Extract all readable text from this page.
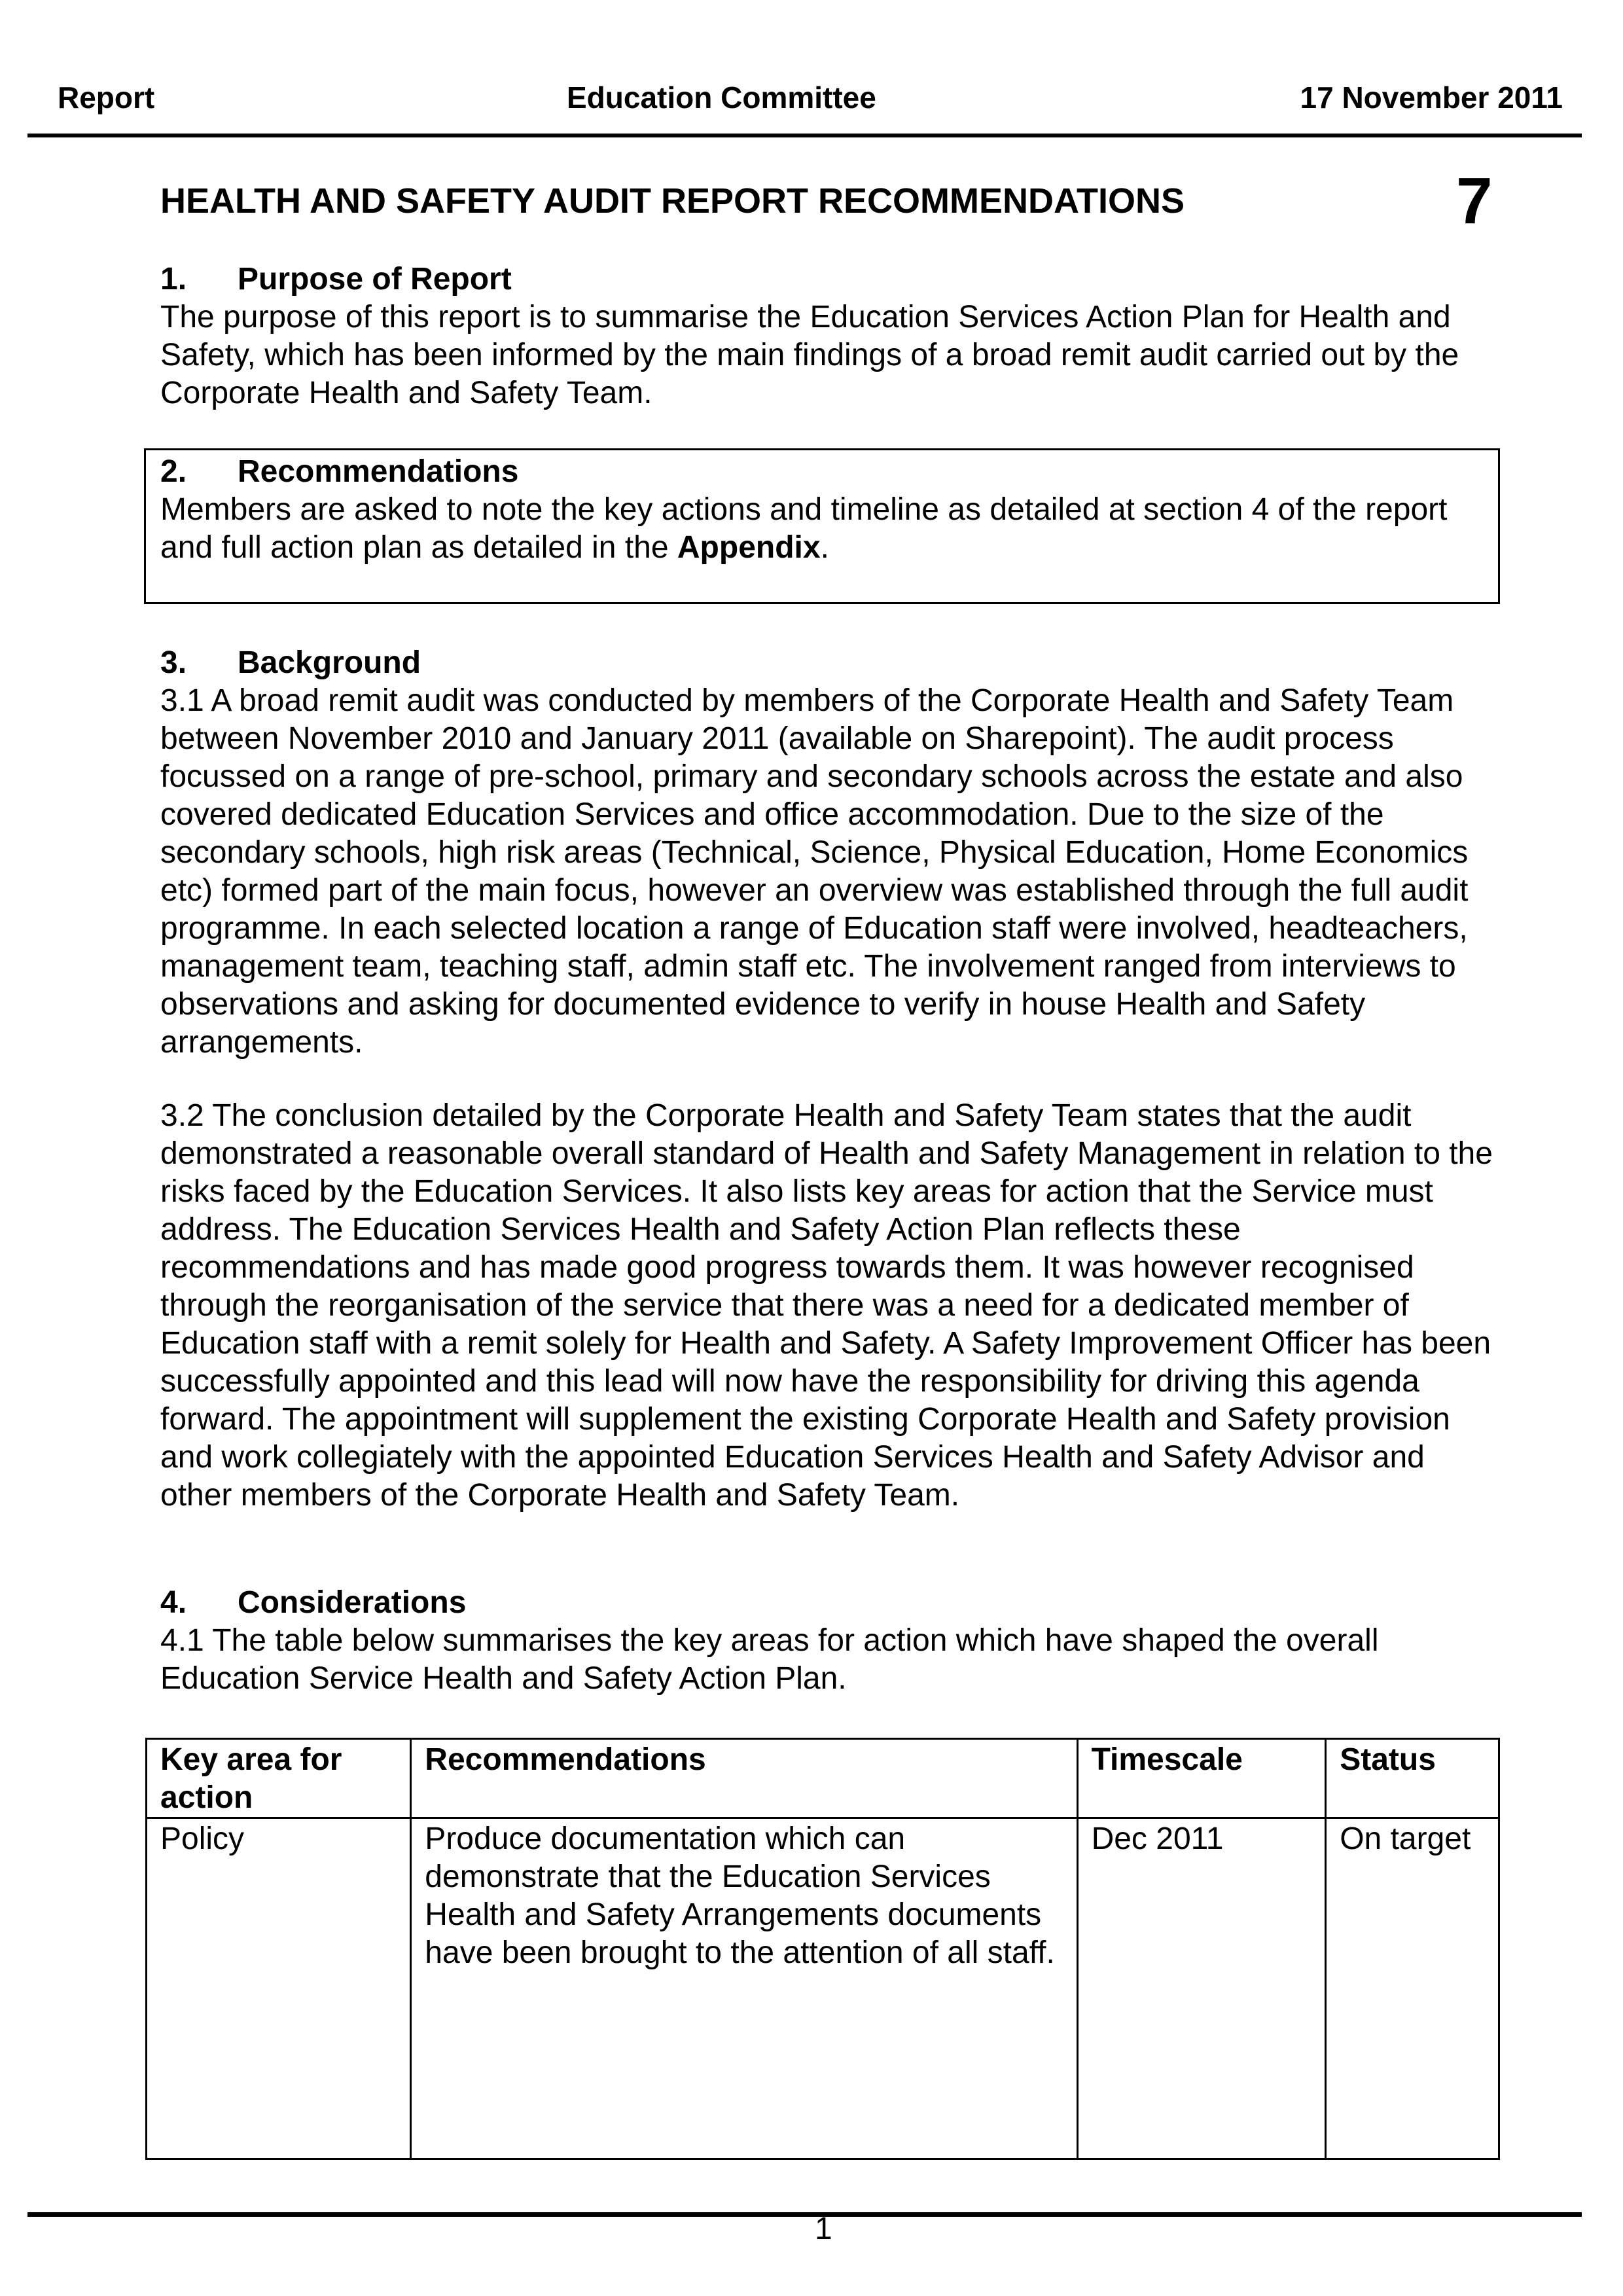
Report	Education Committee	17 November 2011
HEALTH AND SAFETY AUDIT REPORT RECOMMENDATIONS	7
1. Purpose of Report

The purpose of this report is to summarise the Education Services Action Plan for Health and Safety, which has been informed by the main findings of a broad remit audit carried out by the Corporate Health and Safety Team.

2. Recommendations

Members are asked to note the key actions and timeline as detailed at section 4 of the report and full action plan as detailed in the Appendix.

3. Background

3.1 A broad remit audit was conducted by members of the Corporate Health and Safety Team between November 2010 and January 2011 (available on Sharepoint). The audit process focussed on a range of pre-school, primary and secondary schools across the estate and also covered dedicated Education Services and office accommodation. Due to the size of the secondary schools, high risk areas (Technical, Science, Physical Education, Home Economics etc) formed part of the main focus, however an overview was established through the full audit programme. In each selected location a range of Education staff were involved, headteachers, management team, teaching staff, admin staff etc. The involvement ranged from interviews to observations and asking for documented evidence to verify in house Health and Safety arrangements.

3.2 The conclusion detailed by the Corporate Health and Safety Team states that the audit demonstrated a reasonable overall standard of Health and Safety Management in relation to the risks faced by the Education Services. It also lists key areas for action that the Service must address. The Education Services Health and Safety Action Plan reflects these recommendations and has made good progress towards them. It was however recognised through the reorganisation of the service that there was a need for a dedicated member of Education staff with a remit solely for Health and Safety. A Safety Improvement Officer has been successfully appointed and this lead will now have the responsibility for driving this agenda forward. The appointment will supplement the existing Corporate Health and Safety provision and work collegiately with the appointed Education Services Health and Safety Advisor and other members of the Corporate Health and Safety Team.

4. Considerations

4.1 The table below summarises the key areas for action which have shaped the overall Education Service Health and Safety Action Plan.

Key area for action	Recommendations	Timescale	Status
Policy	Produce documentation which can demonstrate that the Education Services Health and Safety Arrangements documents have been brought to the attention of all staff.	Dec 2011	On target
1
